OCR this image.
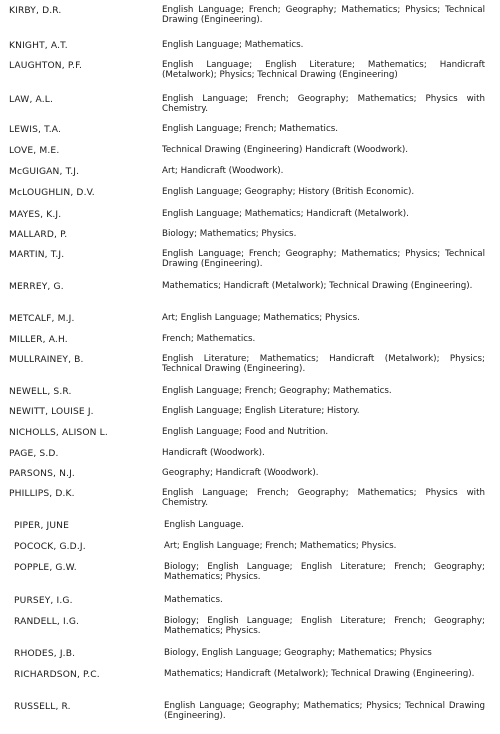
KIRBY, D.R.	English Language; French; Geography; Mathematics; Physics; Technical Drawing (Engineering).
KNIGHT, A.T.	English Language; Mathematics.
LAUGHTON, P.F.	English Language; English Literature; Mathematics; Handicraft (Metalwork); Physics; Technical Drawing (Engineering)
LAW, A.L.	English Language; French; Geography; Mathematics; Physics with Chemistry.
LEWIS, T.A.	English Language; French; Mathematics.
LOVE, M.E.	Technical Drawing (Engineering) Handicraft (Woodwork).
McGUIGAN, T.J.	Art; Handicraft (Woodwork).
McLOUGHLIN, D.V.	English Language; Geography; History (British Economic).
MAYES, K.J.	English Language; Mathematics; Handicraft (Metalwork).
MALLARD, P.	Biology; Mathematics; Physics.
MARTIN, T.J.	English Language; French; Geography; Mathematics; Physics; Technical Drawing (Engineering).
MERREY, G.	Mathematics; Handicraft (Metalwork); Technical Drawing (Engineering).
METCALF, M.J.	Art; English Language; Mathematics; Physics.
MILLER, A.H.	French; Mathematics.
MULLRAINEY, B.	English Literature; Mathematics; Handicraft (Metalwork); Physics; Technical Drawing (Engineering).
NEWELL, S.R.	English Language; French; Geography; Mathematics.
NEWITT, LOUISE J.	English Language; English Literature; History.
NICHOLLS, ALISON L.	English Language; Food and Nutrition.
PAGE, S.D.	Handicraft (Woodwork).
PARSONS, N.J.	Geography; Handicraft (Woodwork).
PHILLIPS, D.K.	English Language; French; Geography; Mathematics; Physics with Chemistry.
PIPER, JUNE	English Language.
POCOCK, G.D.J.	Art; English Language; French; Mathematics; Physics.
POPPLE, G.W.	Biology; English Language; English Literature; French; Geography; Mathematics; Physics.
PURSEY, I.G.	Mathematics.
RANDELL, I.G.	Biology; English Language; English Literature; French; Geography; Mathematics; Physics.
RHODES, J.B.	Biology, English Language; Geography; Mathematics; Physics
RICHARDSON, P.C.	Mathematics; Handicraft (Metalwork); Technical Drawing (Engineering).
RUSSELL, R.	English Language; Geography; Mathematics; Physics; Technical Drawing (Engineering).
